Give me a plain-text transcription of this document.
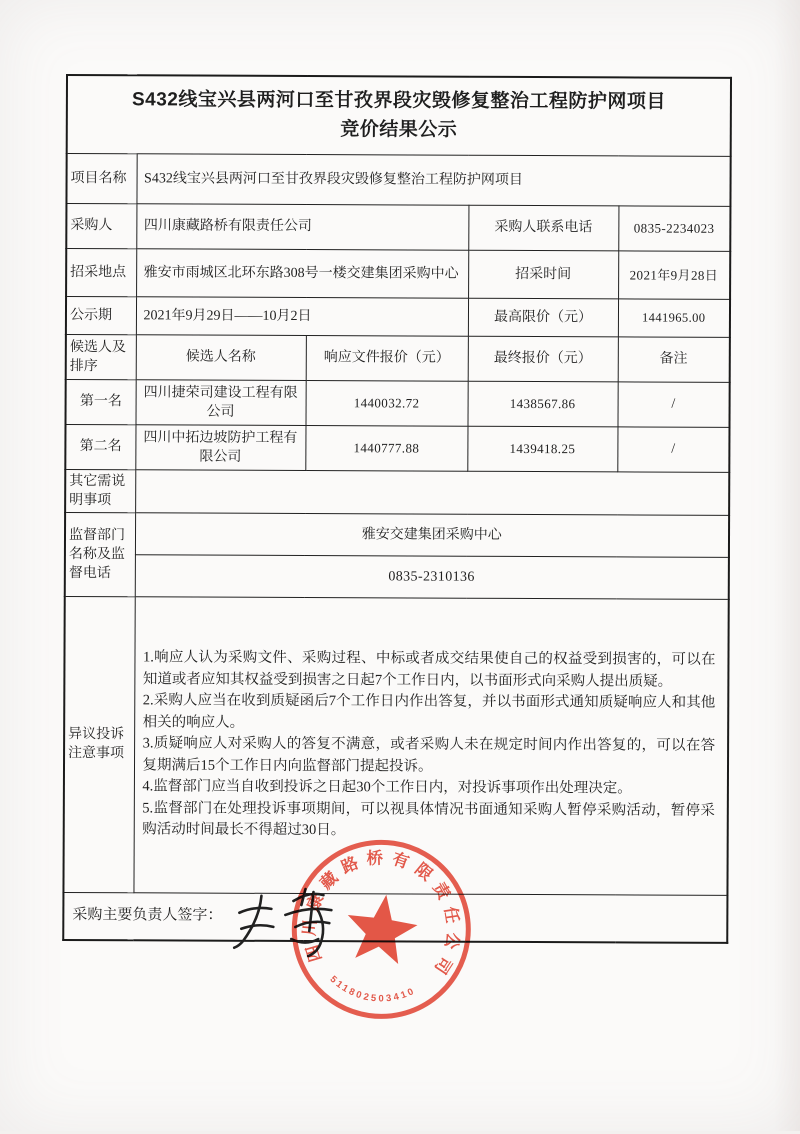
S432线宝兴县两河口至甘孜界段灾毁修复整治工程防护网项目
竞价结果公示				

项目名称	S432线宝兴县两河口至甘孜界段灾毁修复整治工程防护网项目			
采购人	四川康藏路桥有限责任公司		采购人联系电话	0835-2234023
招采地点	雅安市雨城区北环东路308号一楼交建集团采购中心		招采时间	2021年9月28日
公示期	2021年9月29日——10月2日		最高限价（元）	1441965.00
候选人及排序	候选人名称	响应文件报价（元）	最终报价（元）	备注
第一名	四川捷荣司建设工程有限公司	1440032.72	1438567.86	/
第二名	四川中拓边坡防护工程有限公司	1440777.88	1439418.25	/
其它需说明事项				
监督部门名称及监督电话	雅安交建集团采购中心			
	0835-2310136			
异议投诉注意事项	1.响应人认为采购文件、采购过程、中标或者成交结果使自己的权益受到损害的，可以在知道或者应知其权益受到损害之日起7个工作日内，以书面形式向采购人提出质疑。
2.采购人应当在收到质疑函后7个工作日内作出答复，并以书面形式通知质疑响应人和其他相关的响应人。
3.质疑响应人对采购人的答复不满意，或者采购人未在规定时间内作出答复的，可以在答复期满后15个工作日内向监督部门提起投诉。
4.监督部门应当自收到投诉之日起30个工作日内，对投诉事项作出处理决定。
5.监督部门在处理投诉事项期间，可以视具体情况书面通知采购人暂停采购活动，暂停采购活动时间最长不得超过30日。			

采购主要负责人签字：				
四川康藏路桥有限责任公司
511802503410
